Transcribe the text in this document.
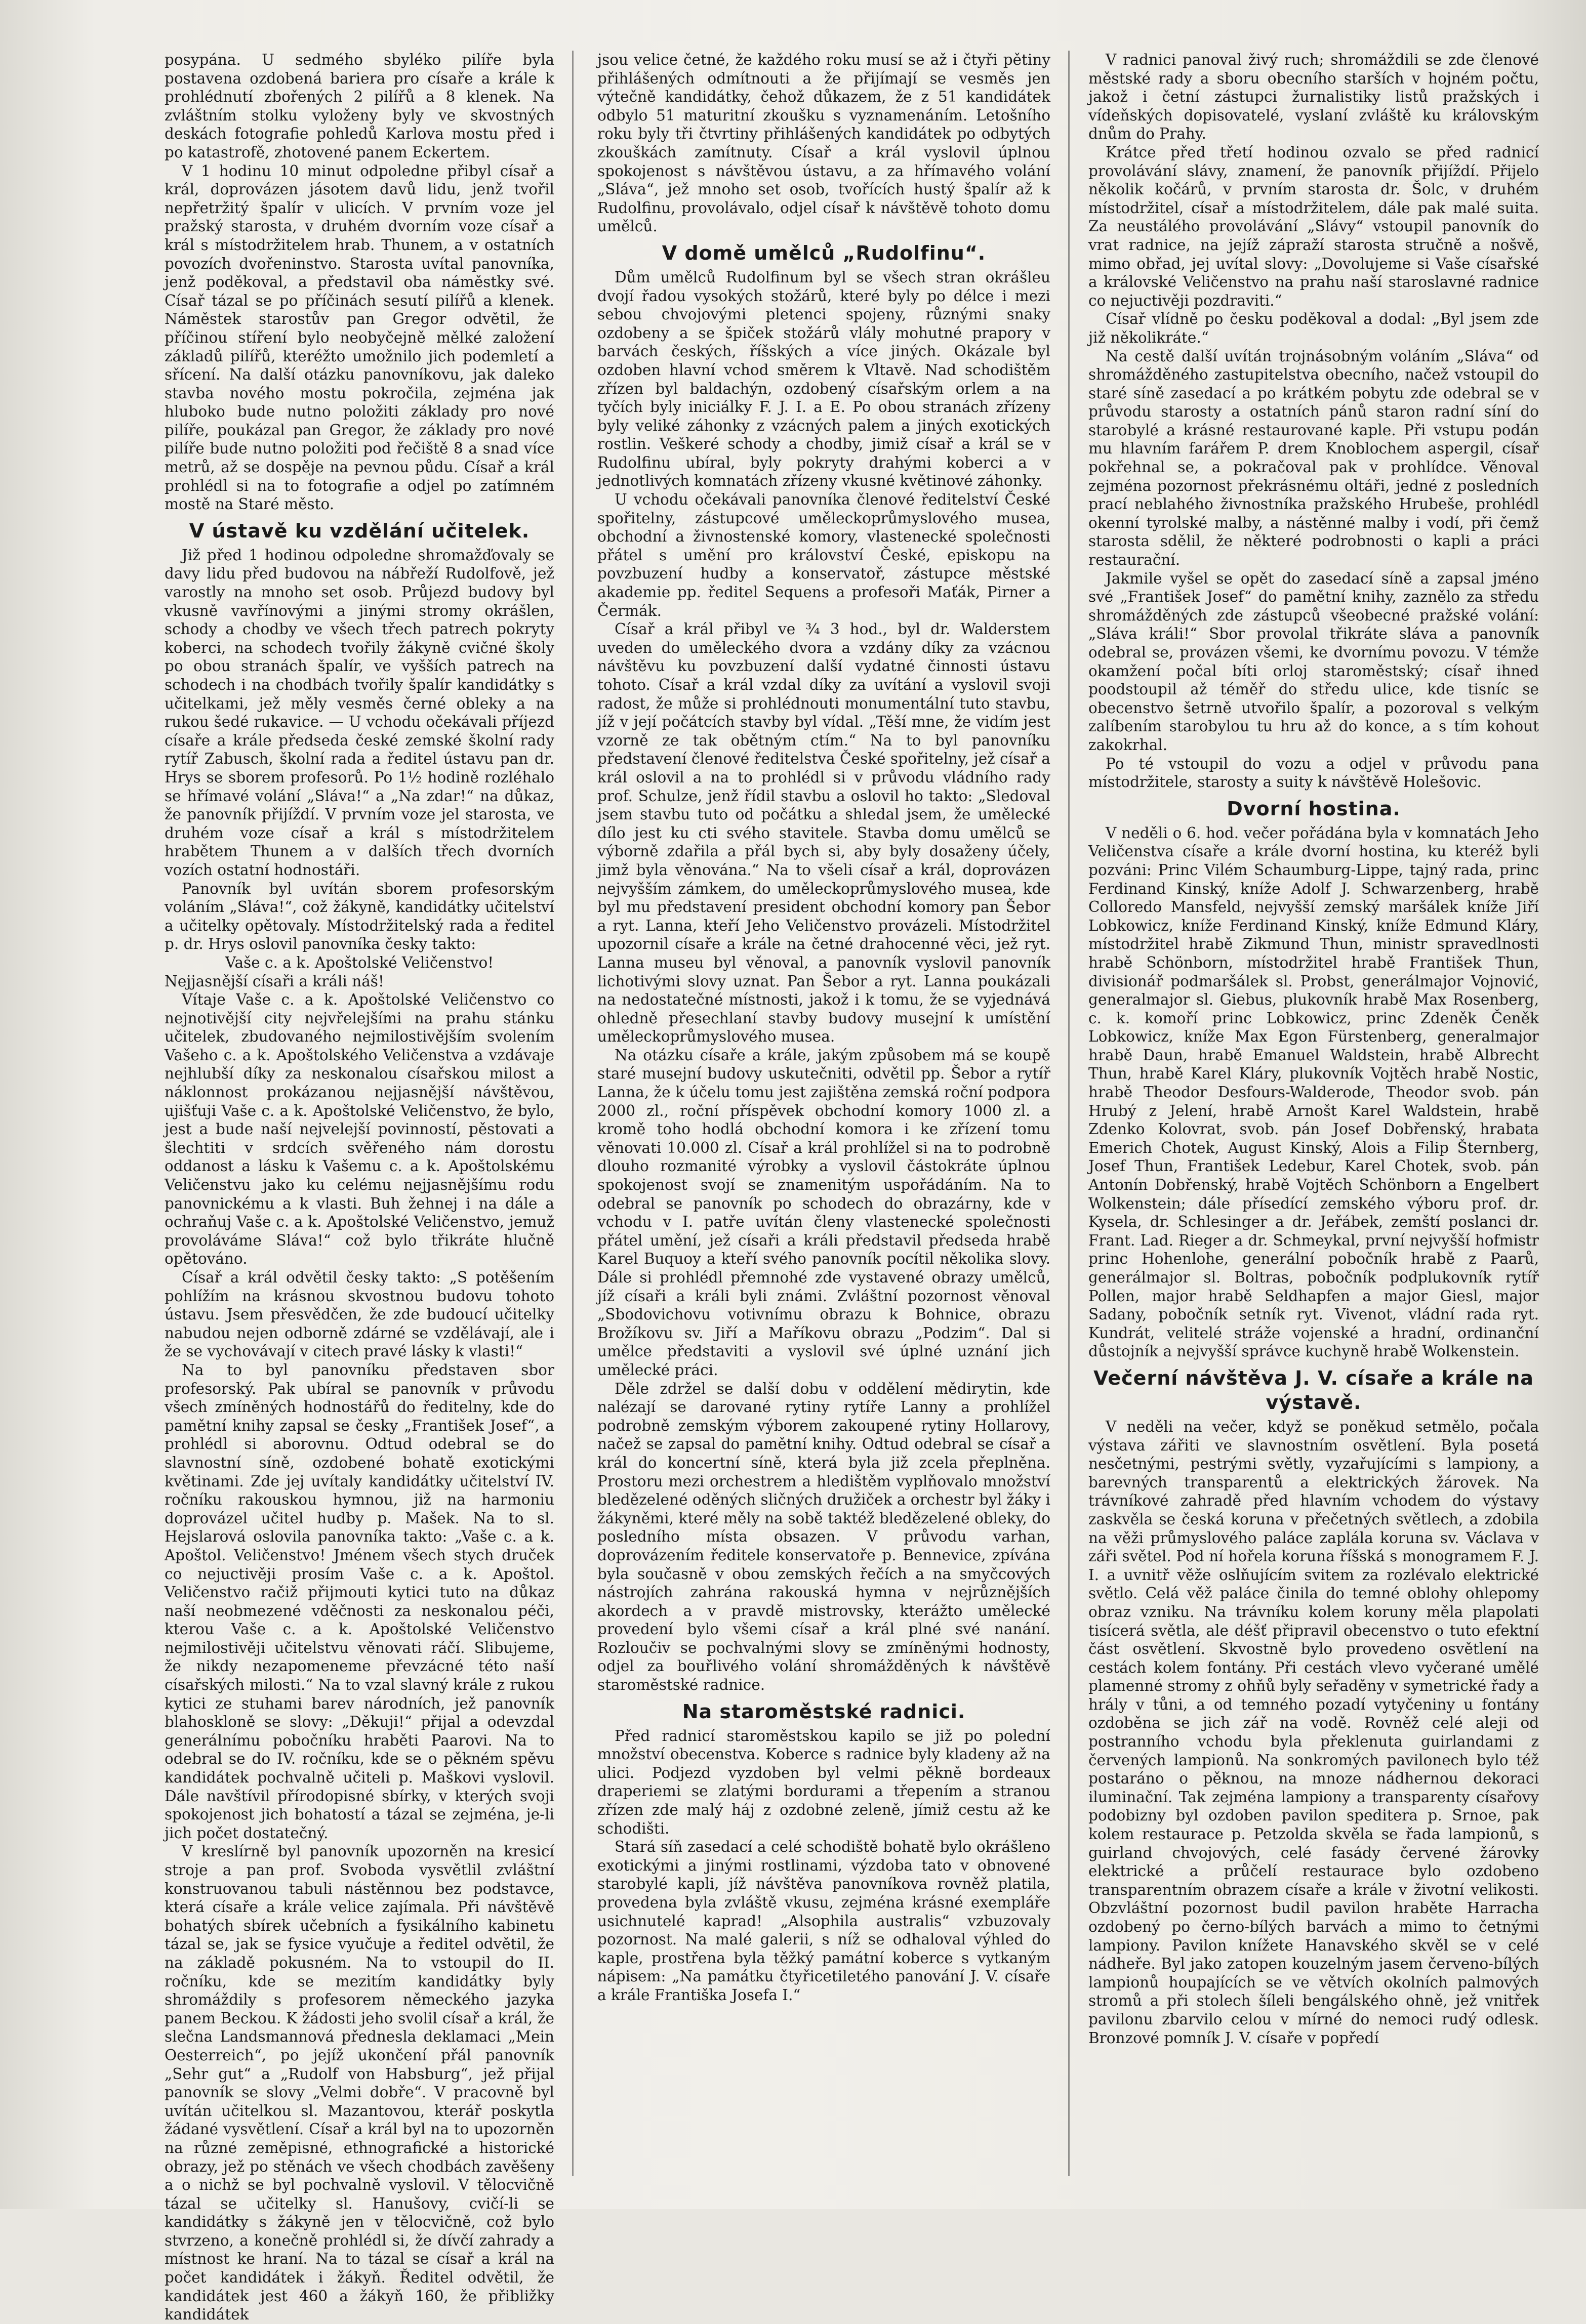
posypána. U sedmého sbyléko pilíře byla postavena ozdobená bariera pro císaře a krále k prohlédnutí zbořených 2 pilířů a 8 klenek. Na zvláštním stolku vyloženy byly ve skvostných deskách fotografie pohledů Karlova mostu před i po katastrofě, zhotovené panem Eckertem.

V 1 hodinu 10 minut odpoledne přibyl císař a král, doprovázen jásotem davů lidu, jenž tvořil nepřetržitý špalír v ulicích. V prvním voze jel pražský starosta, v druhém dvorním voze císař a král s místodržitelem hrab. Thunem, a v ostatních povozích dvořeninstvo. Starosta uvítal panovníka, jenž poděkoval, a představil oba náměstky své. Císař tázal se po příčinách sesutí pilířů a klenek. Náměstek starostův pan Gregor odvětil, že příčinou stíření bylo neobyčejně mělké založení základů pilířů, kteréžto umožnilo jich podemletí a sřícení. Na další otázku panovníkovu, jak daleko stavba nového mostu pokročila, zejména jak hluboko bude nutno položiti základy pro nové pilíře, poukázal pan Gregor, že základy pro nové pilíře bude nutno položiti pod řečiště 8 a snad více metrů, až se dospěje na pevnou půdu. Císař a král prohlédl si na to fotografie a odjel po zatímném mostě na Staré město.

V ústavě ku vzdělání učitelek.

Již před 1 hodinou odpoledne shromažďovaly se davy lidu před budovou na nábřeží Rudolfově, jež varostly na mnoho set osob. Průjezd budovy byl vkusně vavřínovými a jinými stromy okrášlen, schody a chodby ve všech třech patrech pokryty koberci, na schodech tvořily žákyně cvičné školy po obou stranách špalír, ve vyšších patrech na schodech i na chodbách tvořily špalír kandidátky s učitelkami, jež měly vesměs černé obleky a na rukou šedé rukavice. — U vchodu očekávali příjezd císaře a krále předseda české zemské školní rady rytíř Zabusch, školní rada a ředitel ústavu pan dr. Hrys se sborem profesorů. Po 1½ hodině rozléhalo se hřímavé volání „Sláva!“ a „Na zdar!“ na důkaz, že panovník přijíždí. V prvním voze jel starosta, ve druhém voze císař a král s místodržitelem hrabětem Thunem a v dalších třech dvorních vozích ostatní hodnostáři.

Panovník byl uvítán sborem profesorským voláním „Sláva!“, což žákyně, kandidátky učitelství a učitelky opětovaly. Místodržitelský rada a ředitel p. dr. Hrys oslovil panovníka česky takto:

Vaše c. a k. Apoštolské Veličenstvo!

Nejjasnější císaři a králi náš!

Vítaje Vaše c. a k. Apoštolské Veličenstvo co nejnotivější city nejvřelejšími na prahu stánku učitelek, zbudovaného nejmilostivějším svolením Vašeho c. a k. Apoštolského Veličenstva a vzdávaje nejhlubší díky za neskonalou císařskou milost a náklonnost prokázanou nejjasnější návštěvou, ujišťuji Vaše c. a k. Apoštolské Veličenstvo, že bylo, jest a bude naší nejvelejší povinností, pěstovati a šlechtiti v srdcích svěřeného nám dorostu oddanost a lásku k Vašemu c. a k. Apoštolskému Veličenstvu jako ku celému nejjasnějšímu rodu panovnickému a k vlasti. Buh žehnej i na dále a ochraňuj Vaše c. a k. Apoštolské Veličenstvo, jemuž provoláváme Sláva!“ což bylo třikráte hlučně opětováno.

Císař a král odvětil česky takto: „S potěšením pohlížím na krásnou skvostnou budovu tohoto ústavu. Jsem přesvědčen, že zde budoucí učitelky nabudou nejen odborně zdárné se vzdělávají, ale i že se vychovávají v citech pravé lásky k vlasti!“

Na to byl panovníku představen sbor profesorský. Pak ubíral se panovník v průvodu všech zmíněných hodnostářů do ředitelny, kde do pamětní knihy zapsal se česky „František Josef“, a prohlédl si aborovnu. Odtud odebral se do slavnostní síně, ozdobené bohatě exotickými květinami. Zde jej uvítaly kandidátky učitelství IV. ročníku rakouskou hymnou, již na harmoniu doprovázel učitel hudby p. Mašek. Na to sl. Hejslarová oslovila panovníka takto: „Vaše c. a k. Apoštol. Veličenstvo! Jménem všech stych druček co nejuctivěji prosím Vaše c. a k. Apoštol. Veličenstvo račiž přijmouti kytici tuto na důkaz naší neobmezené vděčnosti za neskonalou péči, kterou Vaše c. a k. Apoštolské Veličenstvo nejmilostivěji učitelstvu věnovati ráčí. Slibujeme, že nikdy nezapomeneme převzácné této naší císařských milosti.“ Na to vzal slavný krále z rukou kytici ze stuhami barev národních, jež panovník blahoskloně se slovy: „Děkuji!“ přijal a odevzdal generálnímu pobočníku hraběti Paarovi. Na to odebral se do IV. ročníku, kde se o pěkném spěvu kandidátek pochvalně učiteli p. Maškovi vyslovil. Dále navštívil přírodopisné sbírky, v kterých svoji spokojenost jich bohatostí a tázal se zejména, je-li jich počet dostatečný.

V kreslírně byl panovník upozorněn na kresicí stroje a pan prof. Svoboda vysvětlil zvláštní konstruovanou tabuli nástěnnou bez podstavce, která císaře a krále velice zajímala. Při návštěvě bohatých sbírek učebních a fysikálního kabinetu tázal se, jak se fysice vyučuje a ředitel odvětil, že na základě pokusném. Na to vstoupil do II. ročníku, kde se mezitím kandidátky byly shromáždily s profesorem německého jazyka panem Beckou. K žádosti jeho svolil císař a král, že slečna Landsmannová přednesla deklamaci „Mein Oesterreich“, po jejíž ukončení přál panovník „Sehr gut“ a „Rudolf von Habsburg“, jež přijal panovník se slovy „Velmi dobře“. V pracovně byl uvítán učitelkou sl. Mazantovou, kterář poskytla žádané vysvětlení. Císař a král byl na to upozorněn na různé zeměpisné, ethnografické a historické obrazy, jež po stěnách ve všech chodbách zavěšeny a o nichž se byl pochvalně vyslovil. V tělocvičně tázal se učitelky sl. Hanušovy, cvičí-li se kandidátky s žákyně jen v tělocvičně, což bylo stvrzeno, a konečně prohlédl si, že dívčí zahrady a místnost ke hraní. Na to tázal se císař a král na počet kandidátek i žákyň. Ředitel odvětil, že kandidátek jest 460 a žákyň 160, že přibližky kandidátek

jsou velice četné, že každého roku musí se až i čtyři pětiny přihlášených odmítnouti a že přijímají se vesměs jen výtečně kandidátky, čehož důkazem, že z 51 kandidátek odbylo 51 maturitní zkoušku s vyznamenáním. Letošního roku byly tři čtvrtiny přihlášených kandidátek po odbytých zkouškách zamítnuty. Císař a král vyslovil úplnou spokojenost s návštěvou ústavu, a za hřímavého volání „Sláva“, jež mnoho set osob, tvořících hustý špalír až k Rudolfinu, provolávalo, odjel císař k návštěvě tohoto domu umělců.

V domě umělců „Rudolfinu“.

Dům umělců Rudolfinum byl se všech stran okrášleu dvojí řadou vysokých stožárů, které byly po délce i mezi sebou chvojovými pletenci spojeny, různými snaky ozdobeny a se špiček stožárů vlály mohutné prapory v barvách českých, říšských a více jiných. Okázale byl ozdoben hlavní vchod směrem k Vltavě. Nad schodištěm zřízen byl baldachýn, ozdobený císařským orlem a na tyčích byly iniciálky F. J. I. a E. Po obou stranách zřízeny byly veliké záhonky z vzácných palem a jiných exotických rostlin. Veškeré schody a chodby, jimiž císař a král se v Rudolfinu ubíral, byly pokryty drahými koberci a v jednotlivých komnatách zřízeny vkusné květinové záhonky.

U vchodu očekávali panovníka členové ředitelství České spořitelny, zástupcové uměleckoprůmyslového musea, obchodní a živnostenské komory, vlastenecké společnosti přátel s umění pro království České, episkopu na povzbuzení hudby a konservatoř, zástupce městské akademie pp. ředitel Sequens a profesoři Maťák, Pirner a Čermák.

Císař a král přibyl ve ¾ 3 hod., byl dr. Walderstem uveden do uměleckého dvora a vzdány díky za vzácnou návštěvu ku povzbuzení další vydatné činnosti ústavu tohoto. Císař a král vzdal díky za uvítání a vyslovil svoji radost, že může si prohlédnouti monumentální tuto stavbu, jíž v její počátcích stavby byl vídal. „Těší mne, že vidím jest vzorně ze tak obětným ctím.“ Na to byl panovníku představení členové ředitelstva České spořitelny, jež císař a král oslovil a na to prohlédl si v průvodu vládního rady prof. Schulze, jenž řídil stavbu a oslovil ho takto: „Sledoval jsem stavbu tuto od počátku a shledal jsem, že umělecké dílo jest ku cti svého stavitele. Stavba domu umělců se výborně zdařila a přál bych si, aby byly dosaženy účely, jimž byla věnována.“ Na to všeli císař a král, doprovázen nejvyšším zámkem, do uměleckoprůmyslového musea, kde byl mu představení president obchodní komory pan Šebor a ryt. Lanna, kteří Jeho Veličenstvo provázeli. Místodržitel upozornil císaře a krále na četné drahocenné věci, jež ryt. Lanna museu byl věnoval, a panovník vyslovil panovník lichotivými slovy uznat. Pan Šebor a ryt. Lanna poukázali na nedostatečné místnosti, jakož i k tomu, že se vyjednává ohledně přesechlaní stavby budovy musejní k umístění uměleckoprůmyslového musea.

Na otázku císaře a krále, jakým způsobem má se koupě staré musejní budovy uskutečniti, odvětil pp. Šebor a rytíř Lanna, že k účelu tomu jest zajištěna zemská roční podpora 2000 zl., roční příspěvek obchodní komory 1000 zl. a kromě toho hodlá obchodní komora i ke zřízení tomu věnovati 10.000 zl. Císař a král prohlížel si na to podrobně dlouho rozmanité výrobky a vyslovil částokráte úplnou spokojenost svojí se znamenitým uspořádáním. Na to odebral se panovník po schodech do obrazárny, kde v vchodu v I. patře uvítán členy vlastenecké společnosti přátel umění, jež císaři a králi představil předseda hrabě Karel Buquoy a kteří svého panovník pocítil několika slovy. Dále si prohlédl přemnohé zde vystavené obrazy umělců, jíž císaři a králi byli známi. Zvláštní pozornost věnoval „Sbodovichovu votivnímu obrazu k Bohnice, obrazu Brožíkovu sv. Jiří a Maříkovu obrazu „Podzim“. Dal si umělce představiti a vyslovil své úplné uznání jich umělecké práci.

Děle zdržel se další dobu v oddělení mědirytin, kde nalézají se darované rytiny rytíře Lanny a prohlížel podrobně zemským výborem zakoupené rytiny Hollarovy, načež se zapsal do pamětní knihy. Odtud odebral se císař a král do koncertní síně, která byla již zcela přeplněna. Prostoru mezi orchestrem a hledištěm vyplňovalo množství bledězelené oděných sličných družiček a orchestr byl žáky i žákyněmi, které měly na sobě taktéž bledězelené obleky, do posledního místa obsazen. V průvodu varhan, doprovázením ředitele konservatoře p. Bennevice, zpívána byla současně v obou zemských řečích a na smyčcových nástrojích zahrána rakouská hymna v nejrůznějších akordech a v pravdě mistrovsky, kterážto umělecké provedení bylo všemi císař a král plné své nanání. Rozloučiv se pochvalnými slovy se zmíněnými hodnosty, odjel za bouřlivého volání shromážděných k návštěvě staroměstské radnice.

Na staroměstské radnici.

Před radnicí staroměstskou kapilo se již po polední množství obecenstva. Koberce s radnice byly kladeny až na ulici. Podjezd vyzdoben byl velmi pěkně bordeaux draperiemi se zlatými bordurami a třepením a stranou zřízen zde malý háj z ozdobné zeleně, jímiž cestu až ke schodišti.

Stará síň zasedací a celé schodiště bohatě bylo okrášleno exotickými a jinými rostlinami, výzdoba tato v obnovené starobylé kapli, jíž návštěva panovníkova rovněž platila, provedena byla zvláště vkusu, zejména krásné exempláře usichnutelé kaprad! „Alsophila australis“ vzbuzovaly pozornost. Na malé galerii, s níž se odhaloval výhled do kaple, prostřena byla těžký památní koberce s vytkaným nápisem: „Na památku čtyřicetiletého panování J. V. císaře a krále Františka Josefa I.“

V radnici panoval živý ruch; shromáždili se zde členové městské rady a sboru obecního starších v hojném počtu, jakož i četní zástupci žurnalistiky listů pražských i vídeňských dopisovatelé, vyslaní zvláště ku královským dnům do Prahy.

Krátce před třetí hodinou ozvalo se před radnicí provolávání slávy, znamení, že panovník přijíždí. Přijelo několik kočárů, v prvním starosta dr. Šolc, v druhém místodržitel, císař a místodržitelem, dále pak malé suita. Za neustálého provolávání „Slávy“ vstoupil panovník do vrat radnice, na jejíž zápraží starosta stručně a nošvě, mimo obřad, jej uvítal slovy: „Dovolujeme si Vaše císařské a královské Veličenstvo na prahu naší staroslavné radnice co nejuctivěji pozdraviti.“

Císař vlídně po česku poděkoval a dodal: „Byl jsem zde již několikráte.“

Na cestě další uvítán trojnásobným voláním „Sláva“ od shromážděného zastupitelstva obecního, načež vstoupil do staré síně zasedací a po krátkém pobytu zde odebral se v průvodu starosty a ostatních pánů staron radní síní do starobylé a krásné restaurované kaple. Při vstupu podán mu hlavním farářem P. drem Knoblochem aspergil, císař pokřehnal se, a pokračoval pak v prohlídce. Věnoval zejména pozornost překrásnému oltáři, jedné z posledních prací neblahého živnostníka pražského Hrubeše, prohlédl okenní tyrolské malby, a nástěnné malby i vodí, při čemž starosta sdělil, že některé podrobnosti o kapli a práci restaurační.

Jakmile vyšel se opět do zasedací síně a zapsal jméno své „František Josef“ do pamětní knihy, zaznělo za středu shromážděných zde zástupců všeobecné pražské volání: „Sláva králi!“ Sbor provolal třikráte sláva a panovník odebral se, provázen všemi, ke dvornímu povozu. V témže okamžení počal bíti orloj staroměstský; císař ihned poodstoupil až téměř do středu ulice, kde tisníc se obecenstvo šetrně utvořilo špalír, a pozoroval s velkým zalíbením starobylou tu hru až do konce, a s tím kohout zakokrhal.

Po té vstoupil do vozu a odjel v průvodu pana místodržitele, starosty a suity k návštěvě Holešovic.

Dvorní hostina.

V neděli o 6. hod. večer pořádána byla v komnatách Jeho Veličenstva císaře a krále dvorní hostina, ku kteréž byli pozváni: Princ Vilém Schaumburg-Lippe, tajný rada, princ Ferdinand Kinský, kníže Adolf J. Schwarzenberg, hrabě Colloredo Mansfeld, nejvyšší zemský maršálek kníže Jiří Lobkowicz, kníže Ferdinand Kinský, kníže Edmund Kláry, místodržitel hrabě Zikmund Thun, ministr spravedlnosti hrabě Schönborn, místodržitel hrabě František Thun, divisionář podmaršálek sl. Probst, generálmajor Vojnović, generalmajor sl. Giebus, plukovník hrabě Max Rosenberg, c. k. komoří princ Lobkowicz, princ Zdeněk Čeněk Lobkowicz, kníže Max Egon Fürstenberg, generalmajor hrabě Daun, hrabě Emanuel Waldstein, hrabě Albrecht Thun, hrabě Karel Kláry, plukovník Vojtěch hrabě Nostic, hrabě Theodor Desfours-Walderode, Theodor svob. pán Hrubý z Jelení, hrabě Arnošt Karel Waldstein, hrabě Zdenko Kolovrat, svob. pán Josef Dobřenský, hrabata Emerich Chotek, August Kinský, Alois a Filip Šternberg, Josef Thun, František Ledebur, Karel Chotek, svob. pán Antonín Dobřenský, hrabě Vojtěch Schönborn a Engelbert Wolkenstein; dále přísedící zemského výboru prof. dr. Kysela, dr. Schlesinger a dr. Jeřábek, zemští poslanci dr. Frant. Lad. Rieger a dr. Schmeykal, první nejvyšší hofmistr princ Hohenlohe, generální pobočník hrabě z Paarů, generálmajor sl. Boltras, pobočník podplukovník rytíř Pollen, major hrabě Seldhapfen a major Giesl, major Sadany, pobočník setník ryt. Vivenot, vládní rada ryt. Kundrát, velitelé stráže vojenské a hradní, ordinanční důstojník a nejvyšší správce kuchyně hrabě Wolkenstein.

Večerní návštěva J. V. císaře a krále na výstavě.

V neděli na večer, když se poněkud setmělo, počala výstava zářiti ve slavnostním osvětlení. Byla posetá nesčetnými, pestrými světly, vyzařujícími s lampiony, a barevných transparentů a elektrických žárovek. Na trávníkové zahradě před hlavním vchodem do výstavy zaskvěla se česká koruna v přečetných světlech, a zdobila na věži průmyslového paláce zaplála koruna sv. Václava v záři světel. Pod ní hořela koruna říšská s monogramem F. J. I. a uvnitř věže oslňujícím svitem za rozlévalo elektrické světlo. Celá věž paláce činila do temné oblohy ohlepomy obraz vzniku. Na trávníku kolem koruny měla plapolati tisícerá světla, ale déšť připravil obecenstvo o tuto efektní část osvětlení. Skvostně bylo provedeno osvětlení na cestách kolem fontány. Při cestách vlevo vyčerané umělé plamenné stromy z ohňů byly seřaděny v symetrické řady a hrály v tůni, a od temného pozadí vytyčeniny u fontány ozdoběna se jich zář na vodě. Rovněž celé aleji od postranního vchodu byla překlenuta guirlandami z červených lampionů. Na sonkromých pavilonech bylo též postaráno o pěknou, na mnoze nádhernou dekoraci iluminační. Tak zejména lampiony a transparenty císařovy podobizny byl ozdoben pavilon speditera p. Srnoe, pak kolem restaurace p. Petzolda skvěla se řada lampionů, s guirland chvojových, celé fasády červené žárovky elektrické a průčelí restaurace bylo ozdobeno transparentním obrazem císaře a krále v životní velikosti. Obzvláštní pozornost budil pavilon hraběte Harracha ozdobený po černo-bílých barvách a mimo to četnými lampiony. Pavilon knížete Hanavského skvěl se v celé nádheře. Byl jako zatopen kouzelným jasem červeno-bílých lampionů houpajících se ve větvích okolních palmových stromů a při stolech šíleli bengálského ohně, jež vnitřek pavilonu zbarvilo celou v mírné do nemoci rudý odlesk. Bronzové pomník J. V. císaře v popředí
